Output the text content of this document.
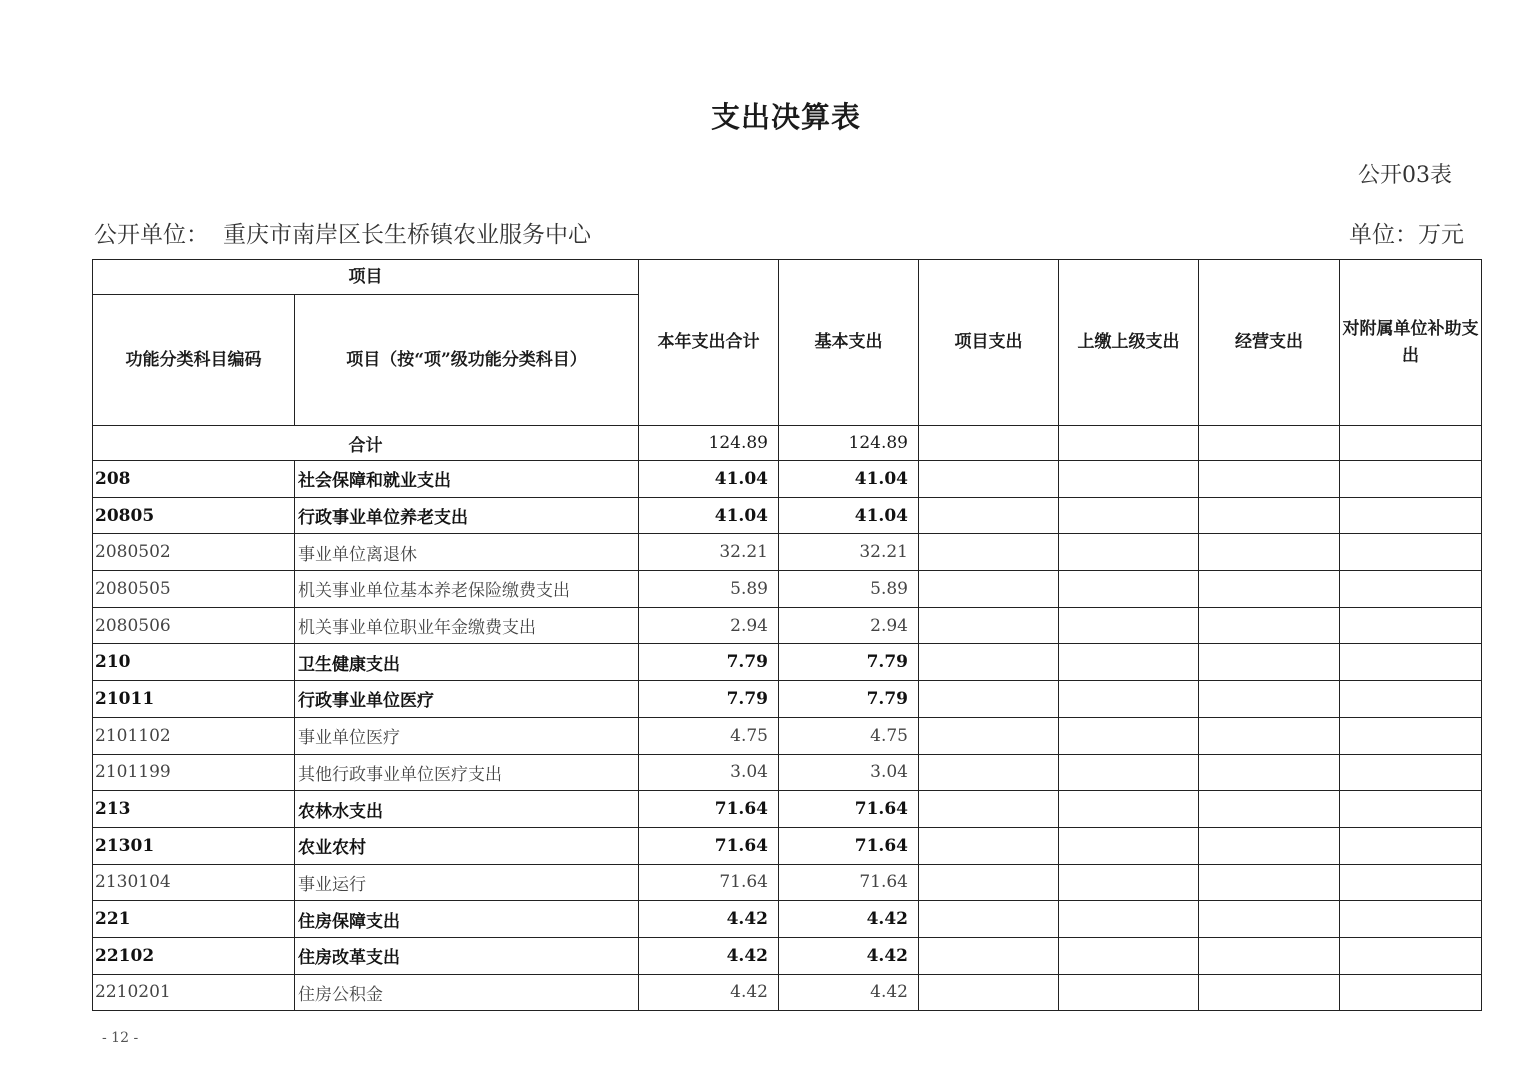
支出决算表
公开03表
公开单位： 重庆市南岸区长生桥镇农业服务中心	单位：万元
项目		本年支出合计	基本支出	项目支出	上缴上级支出	经营支出	对附属单位补助支出
功能分类科目编码	项目（按“项”级功能分类科目）						
合计		124.89	124.89				
208	社会保障和就业支出	41.04	41.04				
20805	行政事业单位养老支出	41.04	41.04				
2080502	事业单位离退休	32.21	32.21				
2080505	机关事业单位基本养老保险缴费支出	5.89	5.89				
2080506	机关事业单位职业年金缴费支出	2.94	2.94				
210	卫生健康支出	7.79	7.79				
21011	行政事业单位医疗	7.79	7.79				
2101102	事业单位医疗	4.75	4.75				
2101199	其他行政事业单位医疗支出	3.04	3.04				
213	农林水支出	71.64	71.64				
21301	农业农村	71.64	71.64				
2130104	事业运行	71.64	71.64				
221	住房保障支出	4.42	4.42				
22102	住房改革支出	4.42	4.42				
2210201	住房公积金	4.42	4.42				
- 12 -
